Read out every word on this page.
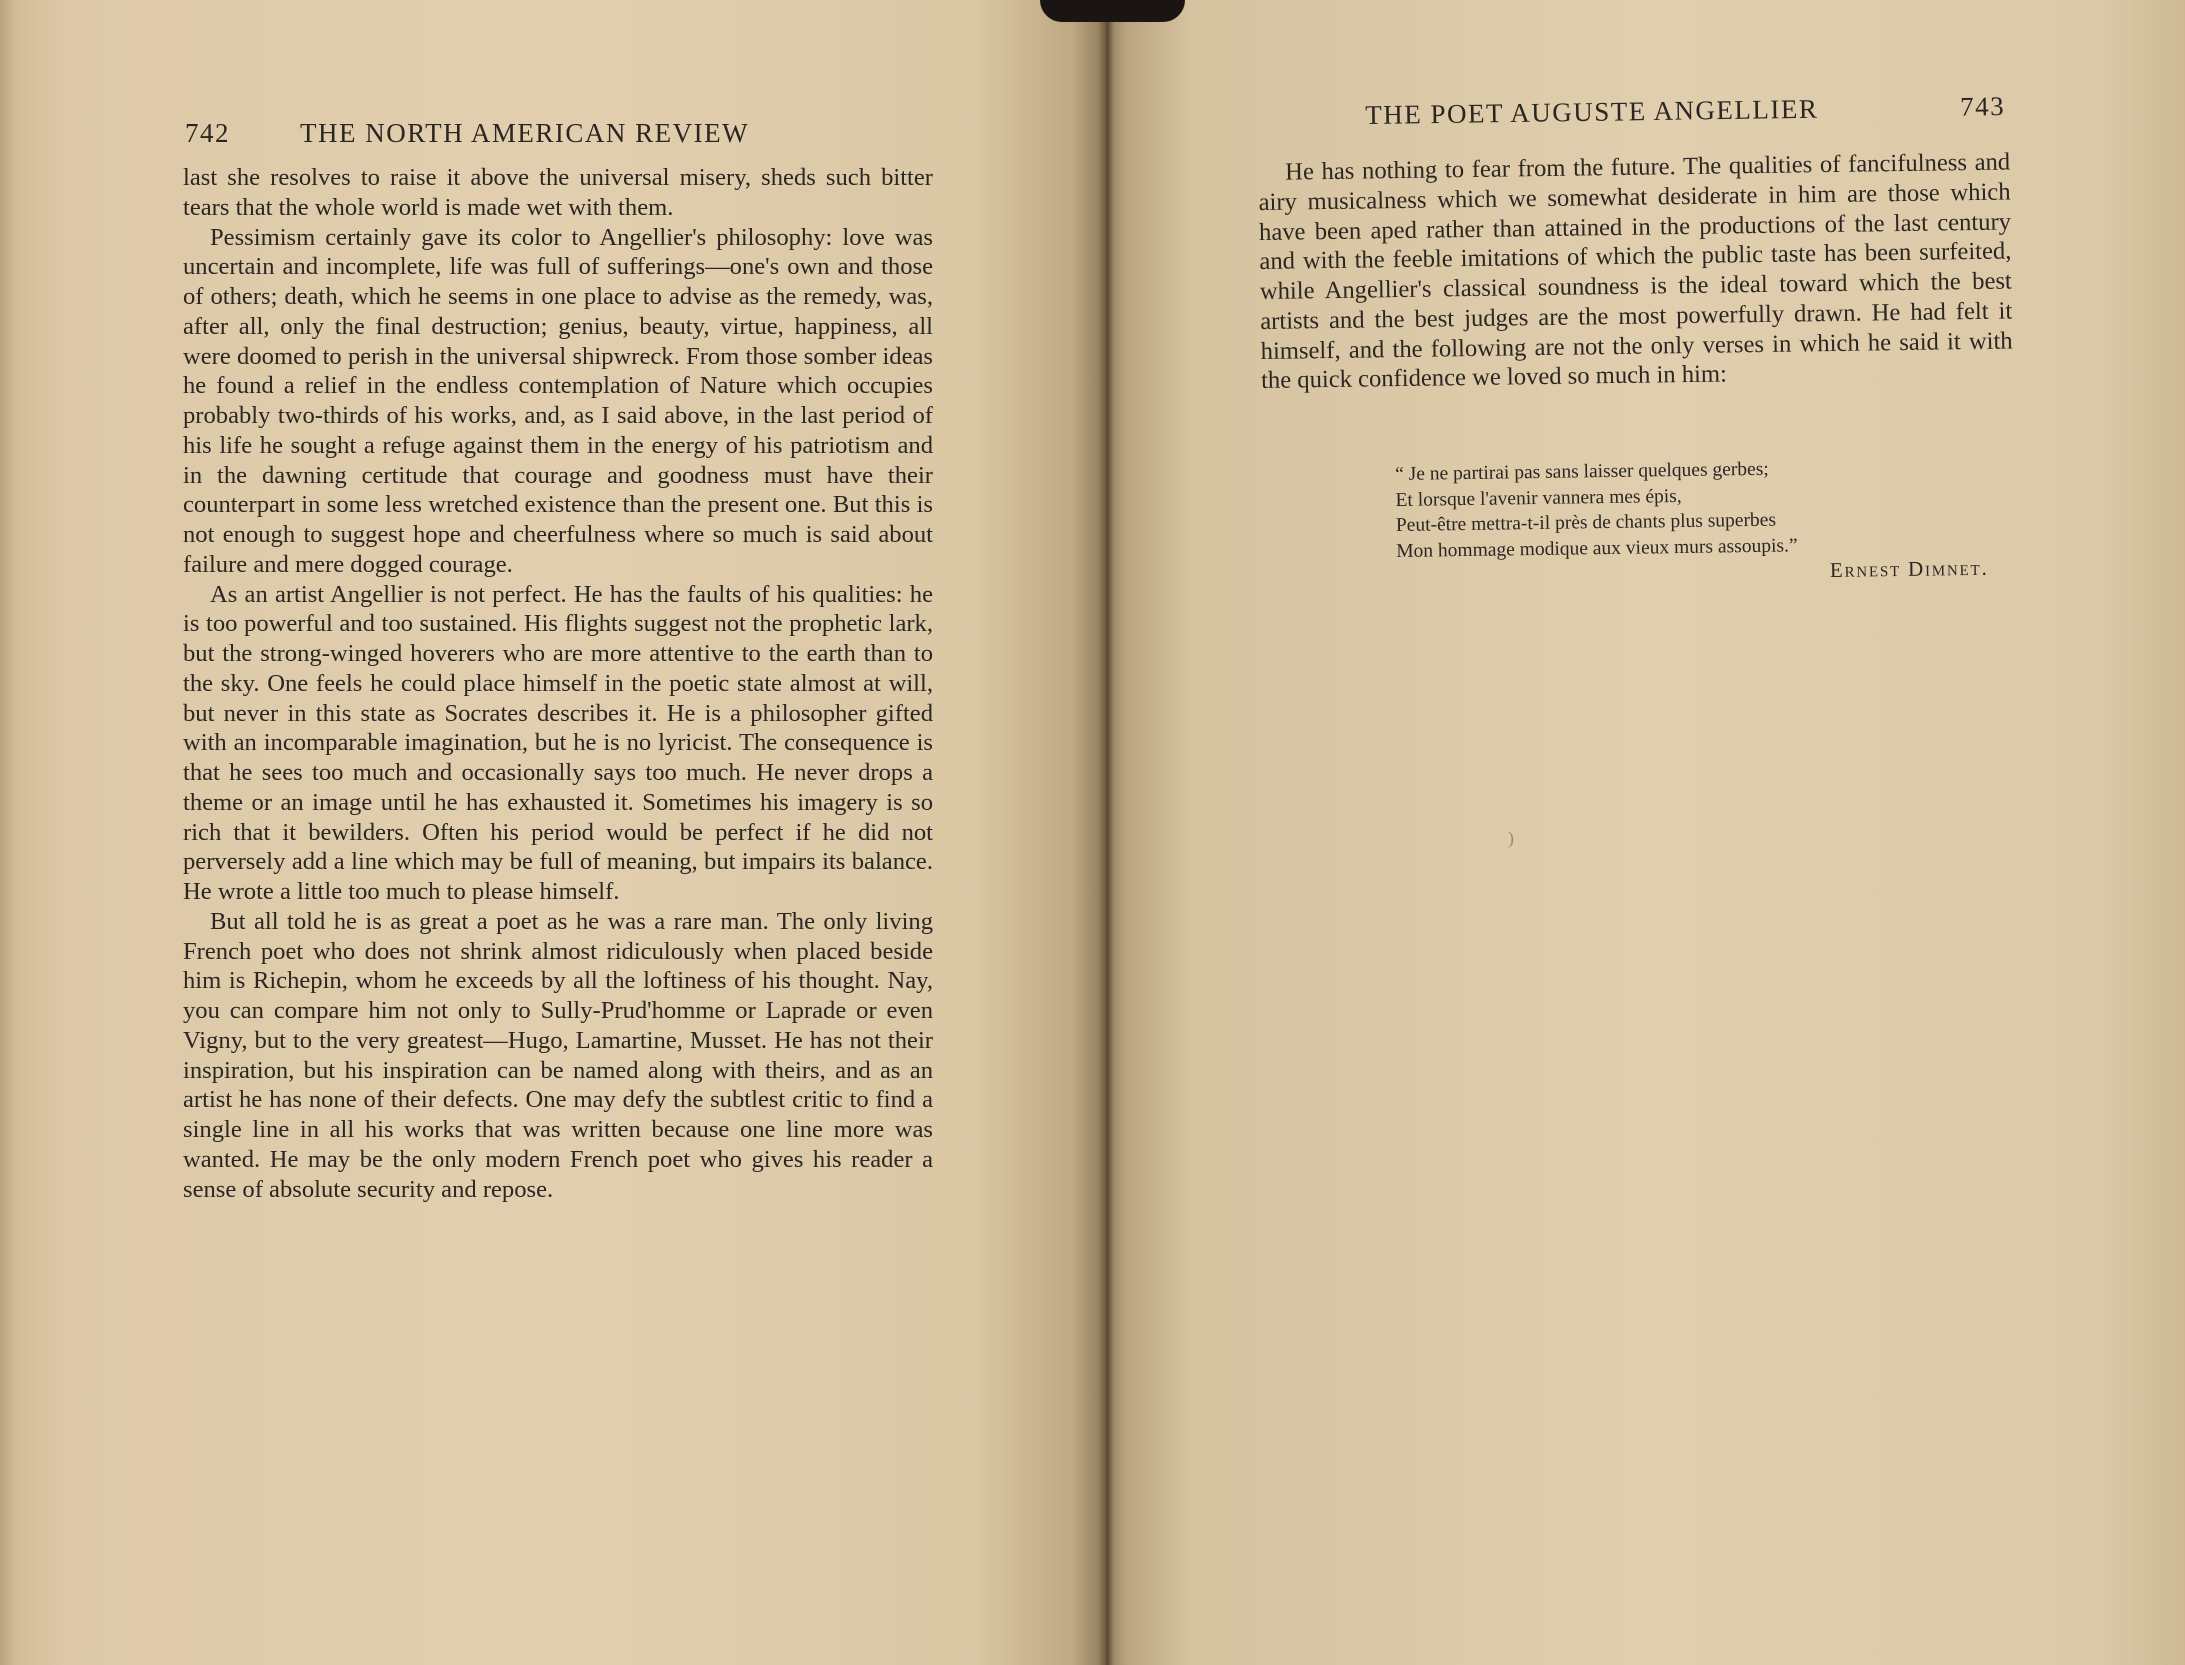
742	THE NORTH AMERICAN REVIEW

last she resolves to raise it above the universal misery, sheds such bitter tears that the whole world is made wet with them.

Pessimism certainly gave its color to Angellier's philosophy: love was uncertain and incomplete, life was full of sufferings—one's own and those of others; death, which he seems in one place to advise as the remedy, was, after all, only the final destruction; genius, beauty, virtue, happiness, all were doomed to perish in the universal shipwreck. From those somber ideas he found a relief in the endless contemplation of Nature which occupies probably two-thirds of his works, and, as I said above, in the last period of his life he sought a refuge against them in the energy of his patriotism and in the dawning certitude that courage and goodness must have their counterpart in some less wretched existence than the present one. But this is not enough to suggest hope and cheerfulness where so much is said about failure and mere dogged courage.

As an artist Angellier is not perfect. He has the faults of his qualities: he is too powerful and too sustained. His flights suggest not the prophetic lark, but the strong-winged hoverers who are more attentive to the earth than to the sky. One feels he could place himself in the poetic state almost at will, but never in this state as Socrates describes it. He is a philosopher gifted with an incomparable imagination, but he is no lyricist. The consequence is that he sees too much and occasionally says too much. He never drops a theme or an image until he has exhausted it. Sometimes his imagery is so rich that it bewilders. Often his period would be perfect if he did not perversely add a line which may be full of meaning, but impairs its balance. He wrote a little too much to please himself.

But all told he is as great a poet as he was a rare man. The only living French poet who does not shrink almost ridiculously when placed beside him is Richepin, whom he exceeds by all the loftiness of his thought. Nay, you can compare him not only to Sully-Prud'homme or Laprade or even Vigny, but to the very greatest—Hugo, Lamartine, Musset. He has not their inspiration, but his inspiration can be named along with theirs, and as an artist he has none of their defects. One may defy the subtlest critic to find a single line in all his works that was written because one line more was wanted. He may be the only modern French poet who gives his reader a sense of absolute security and repose.

THE POET AUGUSTE ANGELLIER	743

He has nothing to fear from the future. The qualities of fancifulness and airy musicalness which we somewhat desiderate in him are those which have been aped rather than attained in the productions of the last century and with the feeble imitations of which the public taste has been surfeited, while Angellier's classical soundness is the ideal toward which the best artists and the best judges are the most powerfully drawn. He had felt it himself, and the following are not the only verses in which he said it with the quick confidence we loved so much in him:

“ Je ne partirai pas sans laisser quelques gerbes;
Et lorsque l'avenir vannera mes épis,
Peut-être mettra-t-il près de chants plus superbes
Mon hommage modique aux vieux murs assoupis.”
Ernest Dimnet.
)
